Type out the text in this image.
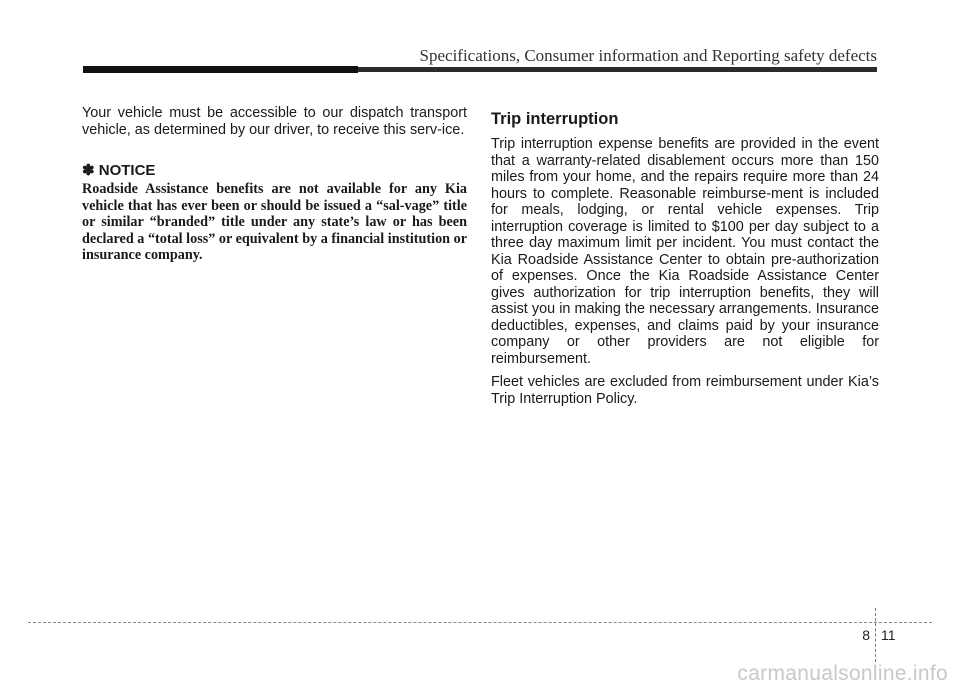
Specifications, Consumer information and Reporting safety defects

Your vehicle must be accessible to our dispatch transport vehicle, as determined by our driver, to receive this serv-ice.

✽ NOTICE

Roadside Assistance benefits are not available for any Kia vehicle that has ever been or should be issued a “sal-vage” title or similar “branded” title under any state’s law or has been declared a “total loss” or equivalent by a financial institution or insurance company.

Trip interruption

Trip interruption expense benefits are provided in the event that a warranty-related disablement occurs more than 150 miles from your home, and the repairs require more than 24 hours to complete. Reasonable reimburse-ment is included for meals, lodging, or rental vehicle expenses. Trip interruption coverage is limited to $100 per day subject to a three day maximum limit per incident. You must contact the Kia Roadside Assistance Center to obtain pre-authorization of expenses. Once the Kia Roadside Assistance Center gives authorization for trip interruption benefits, they will assist you in making the necessary arrangements. Insurance deductibles, expenses, and claims paid by your insurance company or other providers are not eligible for reimbursement.

Fleet vehicles are excluded from reimbursement under Kia’s Trip Interruption Policy.

8 11
carmanualsonline.info
